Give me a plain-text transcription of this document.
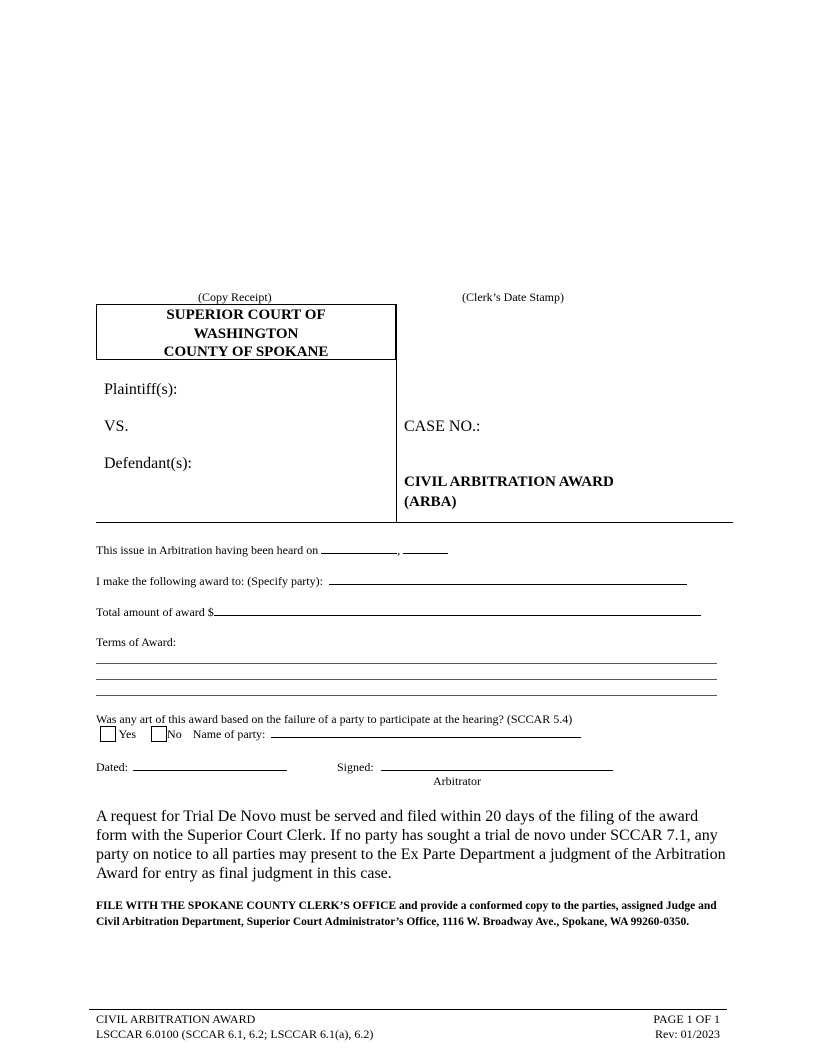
(Copy Receipt)	(Clerk’s Date Stamp)
SUPERIOR COURT OF
WASHINGTON
COUNTY OF SPOKANE
Plaintiff(s):
VS.
Defendant(s):
CASE NO.:
CIVIL ARBITRATION AWARD
(ARBA)
This issue in Arbitration having been heard on	,
I make the following award to: (Specify party):
Total amount of award $
Terms of Award:
Was any art of this award based on the failure of a party to participate at the hearing? (SCCAR 5.4)
Yes	No Name of party:
Dated:	Signed:
Arbitrator
A request for Trial De Novo must be served and filed within 20 days of the filing of the award form with the Superior Court Clerk. If no party has sought a trial de novo under SCCAR 7.1, any party on notice to all parties may present to the Ex Parte Department a judgment of the Arbitration Award for entry as final judgment in this case.
FILE WITH THE SPOKANE COUNTY CLERK’S OFFICE and provide a conformed copy to the parties, assigned Judge and Civil Arbitration Department, Superior Court Administrator’s Office, 1116 W. Broadway Ave., Spokane, WA 99260-0350.
CIVIL ARBITRATION AWARD
LSCCAR 6.0100 (SCCAR 6.1, 6.2; LSCCAR 6.1(a), 6.2)
PAGE 1 OF 1
Rev: 01/2023
